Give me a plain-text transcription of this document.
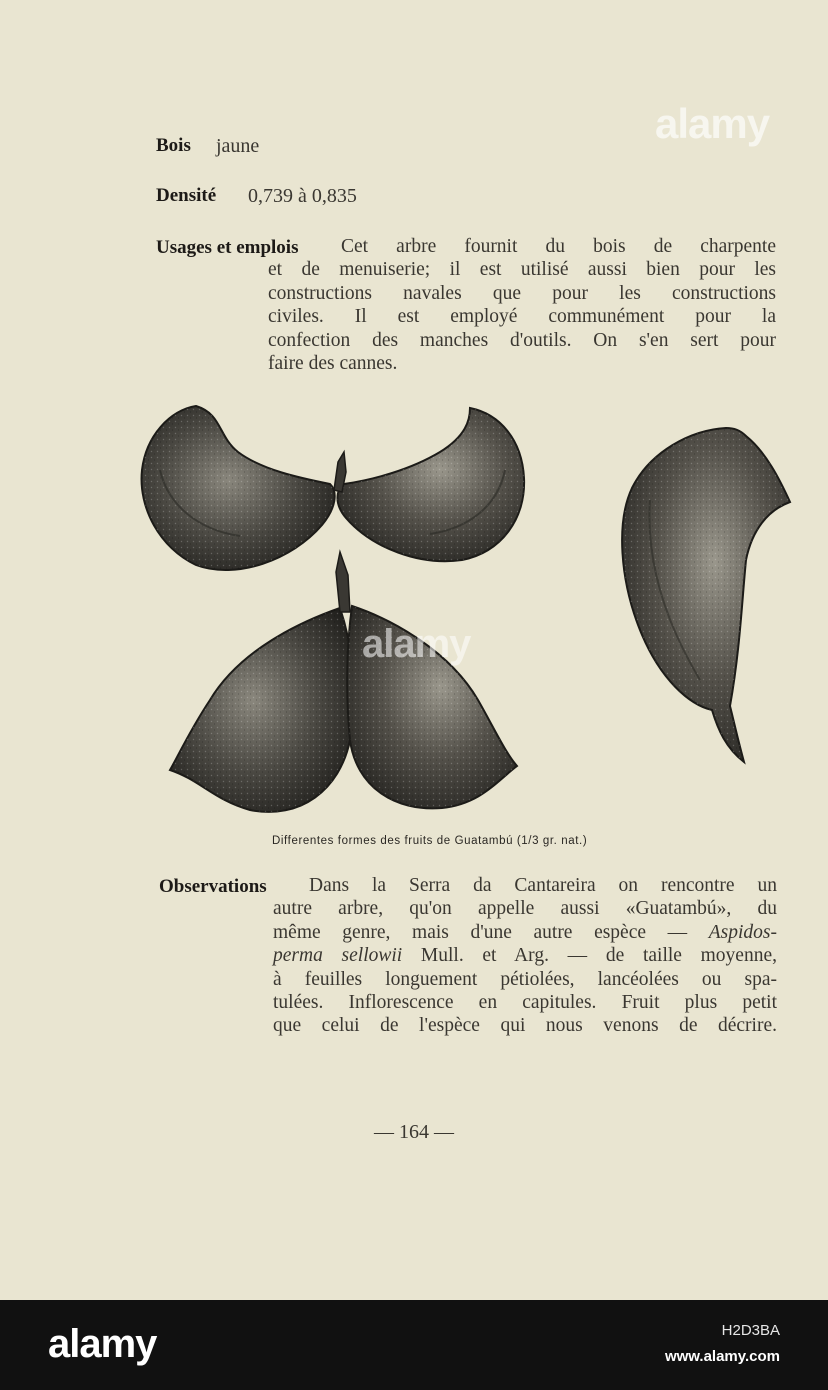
Bois jaune
Densité 0,739 à 0,835
Usages et emplois Cet arbre fournit du bois de charpente
et de menuiserie; il est utilisé aussi bien pour les
constructions navales que pour les constructions
civiles. Il est employé communément pour la
confection des manches d'outils. On s'en sert pour
faire des cannes.
Differentes formes des fruits de Guatambú (1/3 gr. nat.)
Observations Dans la Serra da Cantareira on rencontre un
autre arbre, qu'on appelle aussi «Guatambú», du
même genre, mais d'une autre espèce — Aspidos-
perma sellowii Mull. et Arg. — de taille moyenne,
à feuilles longuement pétiolées, lancéolées ou spa-
tulées. Inflorescence en capitules. Fruit plus petit
que celui de l'espèce qui nous venons de décrire.
— 164 —
alamy
alamy
alamy	H2D3BA
www.alamy.com
